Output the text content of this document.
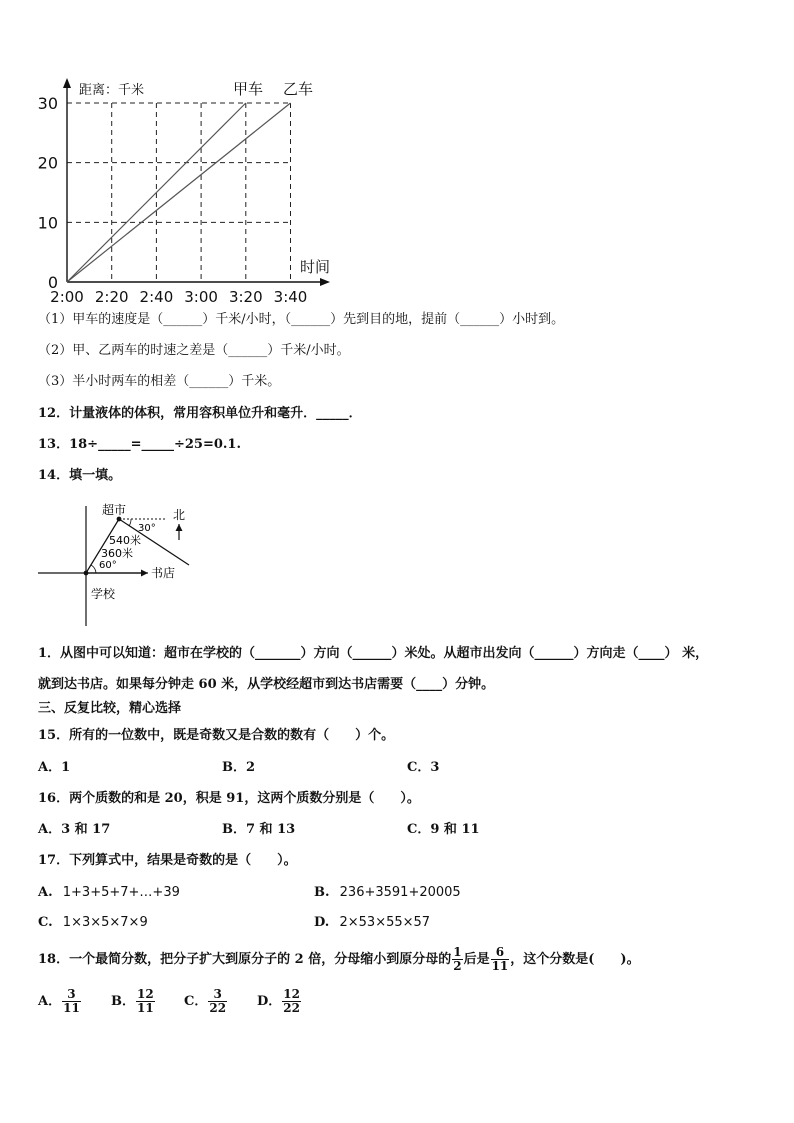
甲车 乙车
0
10
20
30
2:00 2:20 2:40 3:00 3:20 3:40
距离：千米
时间
（1）甲车的速度是（______）千米/小时，（______）先到目的地，提前（______）小时到。
（2）甲、乙两车的时速之差是（______）千米/小时。
（3）半小时两车的相差（______）千米。
12．计量液体的体积，常用容积单位升和毫升．_____．
13．18÷_____=_____÷25=0.1.
14．填一填。
超市	北
30°
540米
360米
60°
书店
学校
1．从图中可以知道：超市在学校的（_______）方向（______）米处。从超市出发向（______）方向走（____） 米，
就到达书店。如果每分钟走 60 米，从学校经超市到达书店需要（____）分钟。
三、反复比较，精心选择
15．所有的一位数中，既是奇数又是合数的数有（　　）个。
A．1	B．2	C．3
16．两个质数的和是 20，积是 91，这两个质数分别是（　　）。
A．3 和 17	B．7 和 13	C．9 和 11
17．下列算式中，结果是奇数的是（　　）。
A. 1+3+5+7+…+39	B. 236+3591+20005
C. 1×3×5×7×9	D. 2×53×55×57
18．一个最简分数，把分子扩大到原分子的 2 倍，分母缩小到原分母的 $\frac{1}{2}$ 后是 $\frac{6}{11}$ ，这个分数是(　　)。
A． $\frac{3}{11}$ B． $\frac{12}{11}$ C． $\frac{3}{22}$ D． $\frac{12}{22}$
